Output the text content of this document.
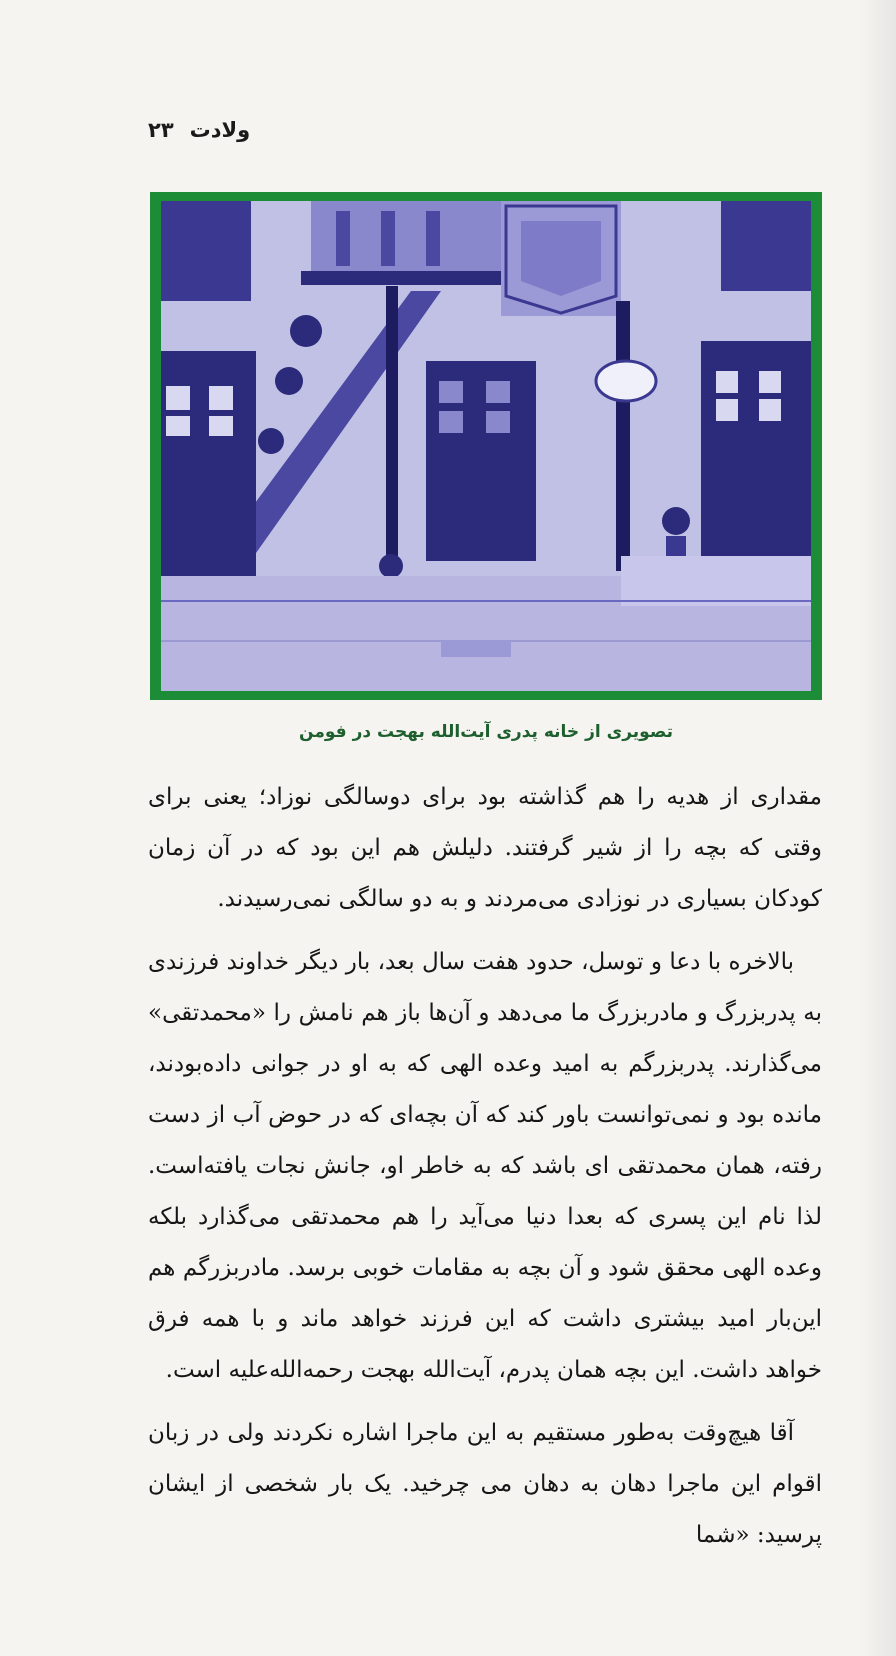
۲۳ ولادت
تصویری از خانه پدری آیت‌الله بهجت در فومن

مقداری از هدیه را هم گذاشته بود برای دوسالگی نوزاد؛ یعنی برای وقتی که بچه را از شیر گرفتند. دلیلش هم این بود که در آن زمان کودکان بسیاری در نوزادی می‌مردند و به دو سالگی نمی‌رسیدند.

بالاخره با دعا و توسل، حدود هفت سال بعد، بار دیگر خداوند فرزندی به پدربزرگ و مادربزرگ ما می‌دهد و آن‌ها باز هم نامش را «محمدتقی» می‌گذارند. پدربزرگم به امید وعده الهی که به او در جوانی داده‌بودند، مانده بود و نمی‌توانست باور کند که آن بچه‌ای که در حوض آب از دست رفته، همان محمدتقی ای باشد که به خاطر او، جانش نجات یافته‌است. لذا نام این پسری که بعدا دنیا می‌آید را هم محمدتقی می‌گذارد بلکه وعده الهی محقق شود و آن بچه به مقامات خوبی برسد. مادربزرگم هم این‌بار امید بیشتری داشت که این فرزند خواهد ماند و با همه فرق خواهد داشت. این بچه همان پدرم، آیت‌الله بهجت رحمه‌الله‌علیه است.

آقا هیچ‌وقت به‌طور مستقیم به این ماجرا اشاره نکردند ولی در زبان اقوام این ماجرا دهان به دهان می چرخید. یک بار شخصی از ایشان پرسید: «شما
